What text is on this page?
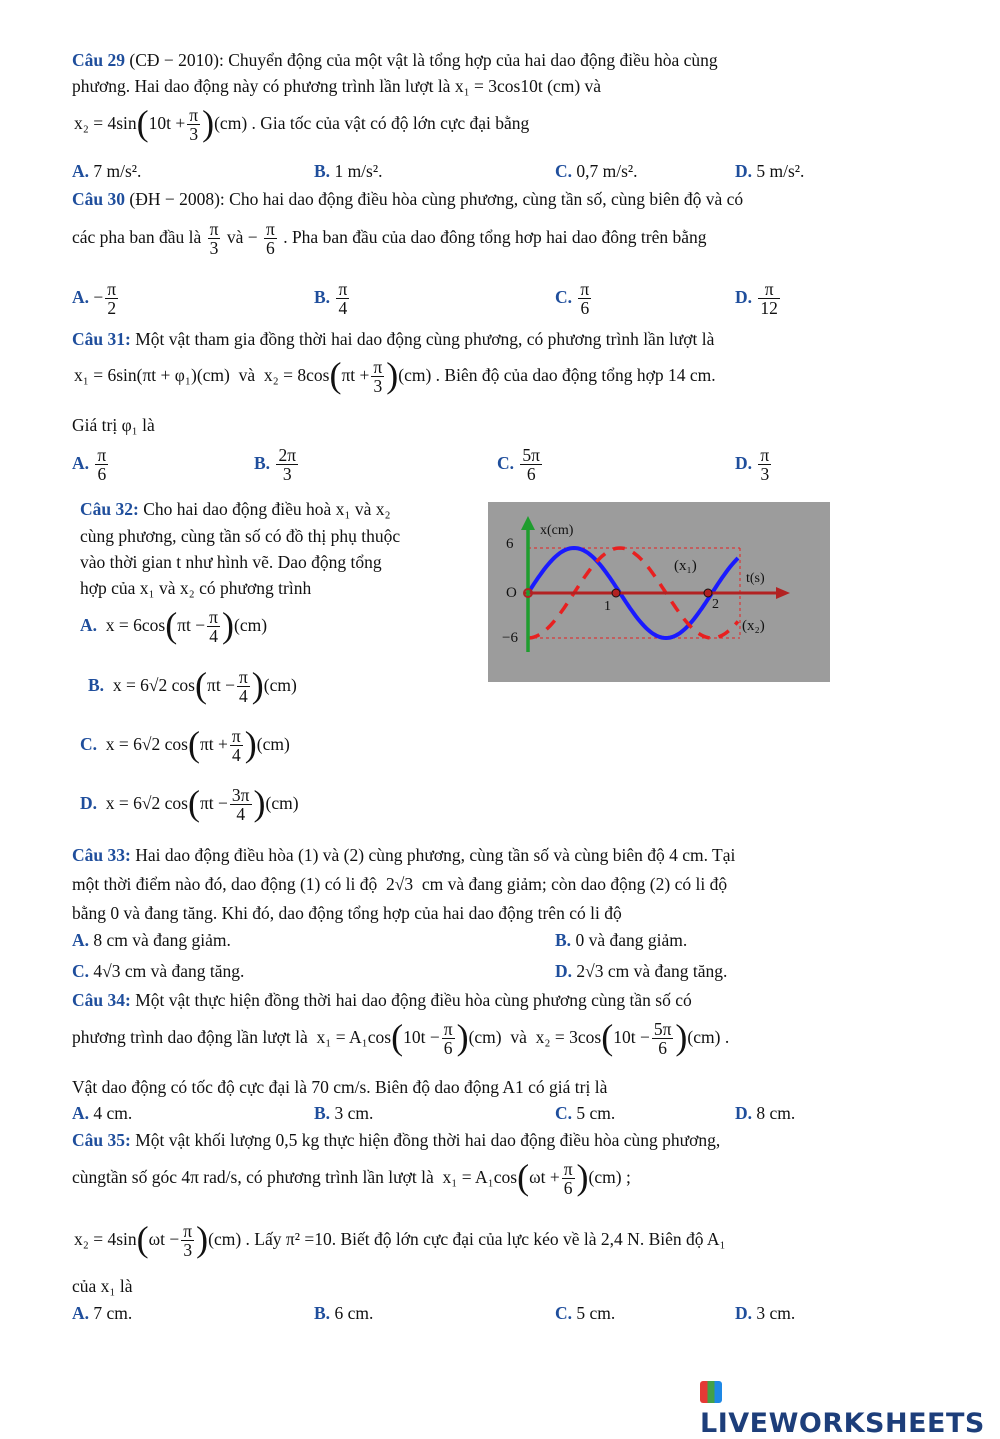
Câu 29 (CĐ − 2010): Chuyển động của một vật là tổng hợp của hai dao động điều hòa cùng
phương. Hai dao động này có phương trình lần lượt là x₁ = 3cos10t (cm) và
$x_2 = 4\sin(10t + \frac{\pi}{3} )(cm)$ . Gia tốc của vật có độ lớn cực đại bằng
A. 7 m/s².	B. 1 m/s².	C. 0,7 m/s².	D. 5 m/s².
Câu 30 (ĐH − 2008): Cho hai dao động điều hòa cùng phương, cùng tần số, cùng biên độ và có
các pha ban đầu là $\frac{\pi}{3}$ và − $\frac{\pi}{6}$ . Pha ban đầu của dao đông tổng hơp hai dao đông trên bằng
A. − $\frac{\pi}{2}$	B. $\frac{\pi}{4}$	C. $\frac{\pi}{6}$	D. $\frac{\pi}{12}$
Câu 31: Một vật tham gia đồng thời hai dao động cùng phương, có phương trình lần lượt là
x₁ = 6sin(πt + φ₁)(cm) và $x_2 = 8\cos(\pi t + \frac{\pi}{3} )(cm)$ . Biên độ của dao động tổng hợp 14 cm.
Giá trị φ₁ là
A. $\frac{\pi}{6}$	B. $\frac{2\pi}{3}$	C. $\frac{5\pi}{6}$	D. $\frac{\pi}{3}$
Câu 32: Cho hai dao động điều hoà x₁ và x₂
cùng phương, cùng tần số có đồ thị phụ thuộc
vào thời gian t như hình vẽ. Dao động tổng
hợp của x₁ và x₂ có phương trình
A. $x = 6\cos(\pi t - \frac{\pi}{4} )(cm)$
B. x = 6√2 $\cos(\pi t - \frac{\pi}{4} )(cm)$
C. x = 6√2 $\cos(\pi t + \frac{\pi}{4} )(cm)$
D. x = 6√2 $\cos(\pi t - \frac{3\pi}{4} )(cm)$
x(cm)
6
−6
O
1	2
t(s)
(x₁)
(x₂)
Câu 33: Hai dao động điều hòa (1) và (2) cùng phương, cùng tần số và cùng biên độ 4 cm. Tại
một thời điểm nào đó, dao động (1) có li độ 2√3 cm và đang giảm; còn dao động (2) có li độ
bằng 0 và đang tăng. Khi đó, dao động tổng hợp của hai dao động trên có li độ
A. 8 cm và đang giảm.	B. 0 và đang giảm.
C. 4√3 cm và đang tăng.	D. 2√3 cm và đang tăng.
Câu 34: Một vật thực hiện đồng thời hai dao động điều hòa cùng phương cùng tần số có
phương trình dao động lần lượt là $x_1 = A_1\cos(10t - \frac{\pi}{6} )(cm)$ và $x_2 = 3\cos(10t - \frac{5\pi}{6} )(cm)$ .
Vật dao động có tốc độ cực đại là 70 cm/s. Biên độ dao động A1 có giá trị là
A. 4 cm.	B. 3 cm.	C. 5 cm.	D. 8 cm.
Câu 35: Một vật khối lượng 0,5 kg thực hiện đồng thời hai dao động điều hòa cùng phương,
cùngtần số góc 4π rad/s, có phương trình lần lượt là $x_1 = A_1\cos(\omega t + \frac{\pi}{6} )(cm)$ ;
$x_2 = 4\sin(\omega t - \frac{\pi}{3} )(cm)$ . Lấy π² =10. Biết độ lớn cực đại của lực kéo về là 2,4 N. Biên độ A₁
của x₁ là
A. 7 cm.	B. 6 cm.	C. 5 cm.	D. 3 cm.
LIVEWORKSHEETS
